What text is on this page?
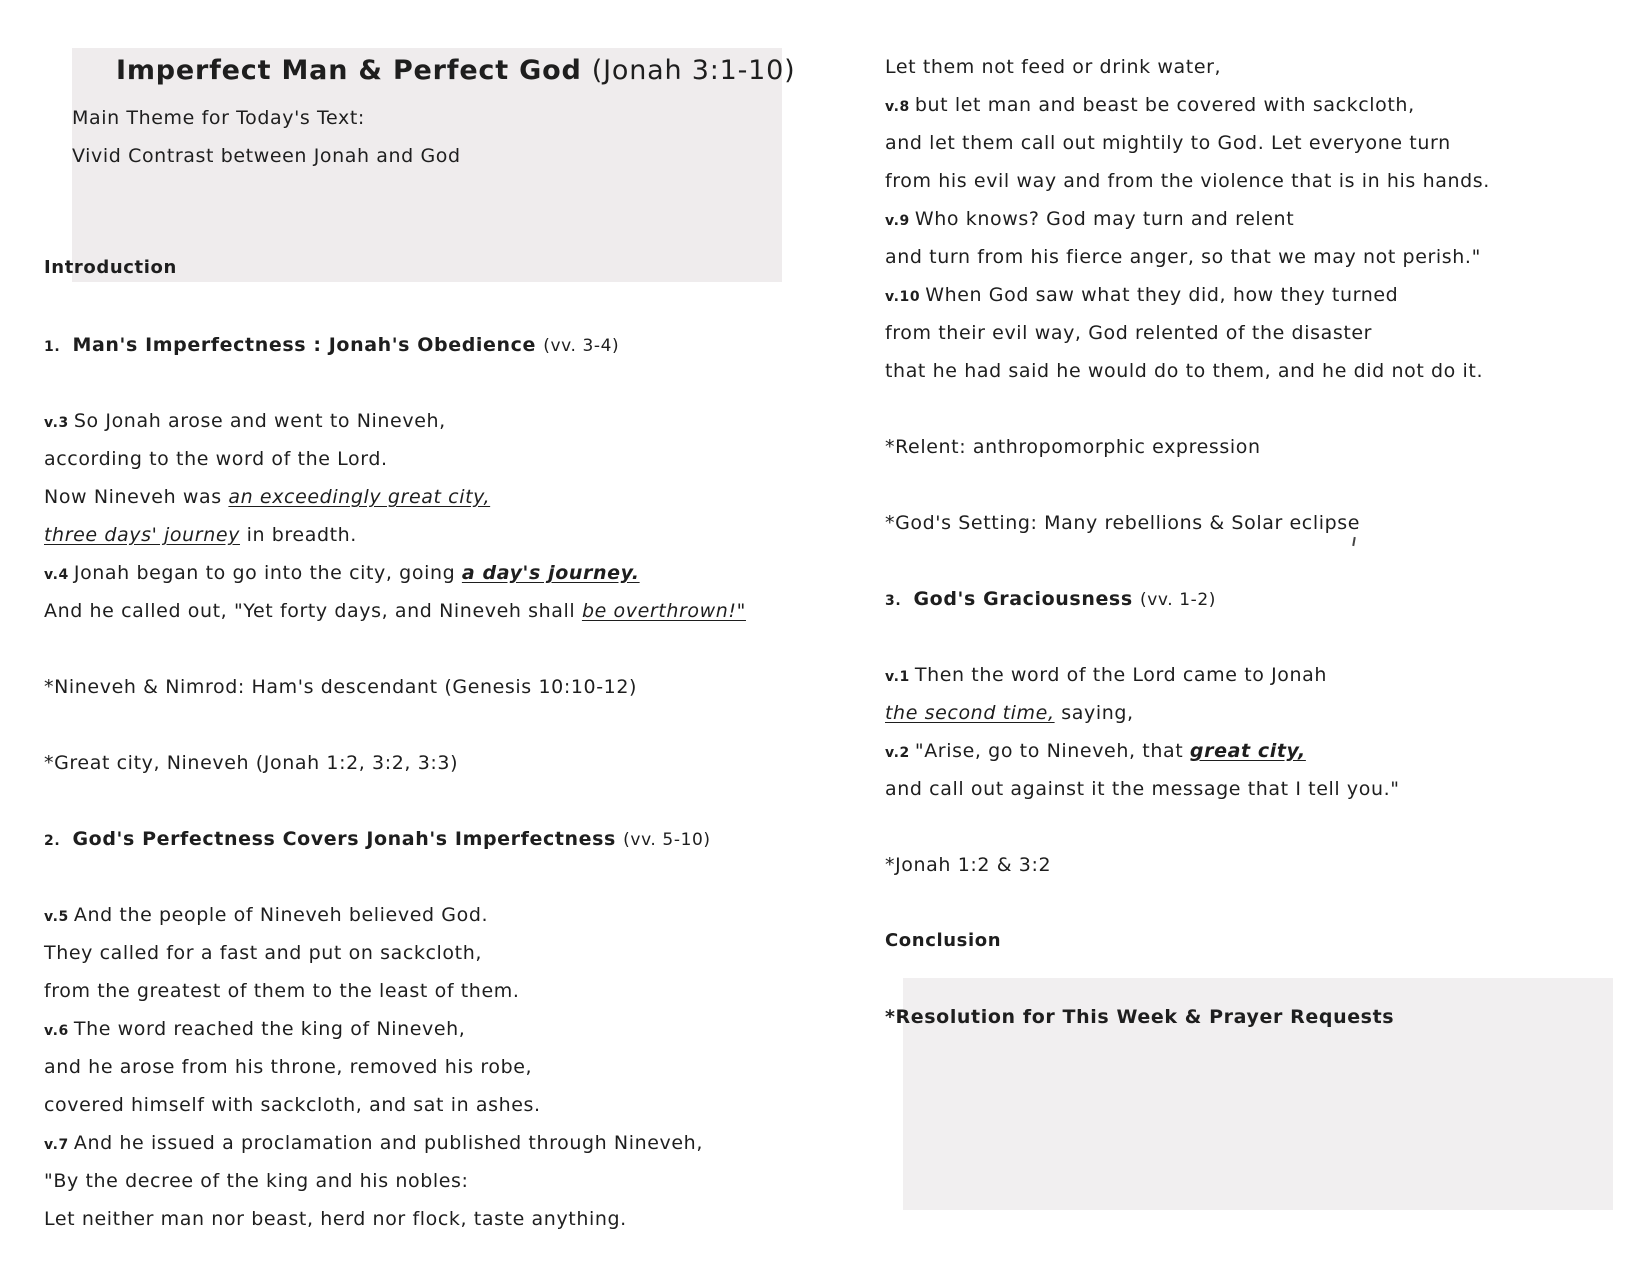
Imperfect Man & Perfect God (Jonah 3:1-10)
Main Theme for Today's Text:
Vivid Contrast between Jonah and God
Introduction
1. Man's Imperfectness : Jonah's Obedience (vv. 3-4)
v.3 So Jonah arose and went to Nineveh,
according to the word of the Lord.
Now Nineveh was an exceedingly great city,
three days' journey in breadth.
v.4 Jonah began to go into the city, going a day's journey.
And he called out, "Yet forty days, and Nineveh shall be overthrown!"
*Nineveh & Nimrod: Ham's descendant (Genesis 10:10-12)
*Great city, Nineveh (Jonah 1:2, 3:2, 3:3)
2. God's Perfectness Covers Jonah's Imperfectness (vv. 5-10)
v.5 And the people of Nineveh believed God.
They called for a fast and put on sackcloth,
from the greatest of them to the least of them.
v.6 The word reached the king of Nineveh,
and he arose from his throne, removed his robe,
covered himself with sackcloth, and sat in ashes.
v.7 And he issued a proclamation and published through Nineveh,
"By the decree of the king and his nobles:
Let neither man nor beast, herd nor flock, taste anything.
Let them not feed or drink water,
v.8 but let man and beast be covered with sackcloth,
and let them call out mightily to God. Let everyone turn
from his evil way and from the violence that is in his hands.
v.9 Who knows? God may turn and relent
and turn from his fierce anger, so that we may not perish."
v.10 When God saw what they did, how they turned
from their evil way, God relented of the disaster
that he had said he would do to them, and he did not do it.
*Relent: anthropomorphic expression
*God's Setting: Many rebellions & Solar eclipse
3. God's Graciousness (vv. 1-2)
v.1 Then the word of the Lord came to Jonah
the second time, saying,
v.2 "Arise, go to Nineveh, that great city,
and call out against it the message that I tell you."
*Jonah 1:2 & 3:2
Conclusion
*Resolution for This Week & Prayer Requests
